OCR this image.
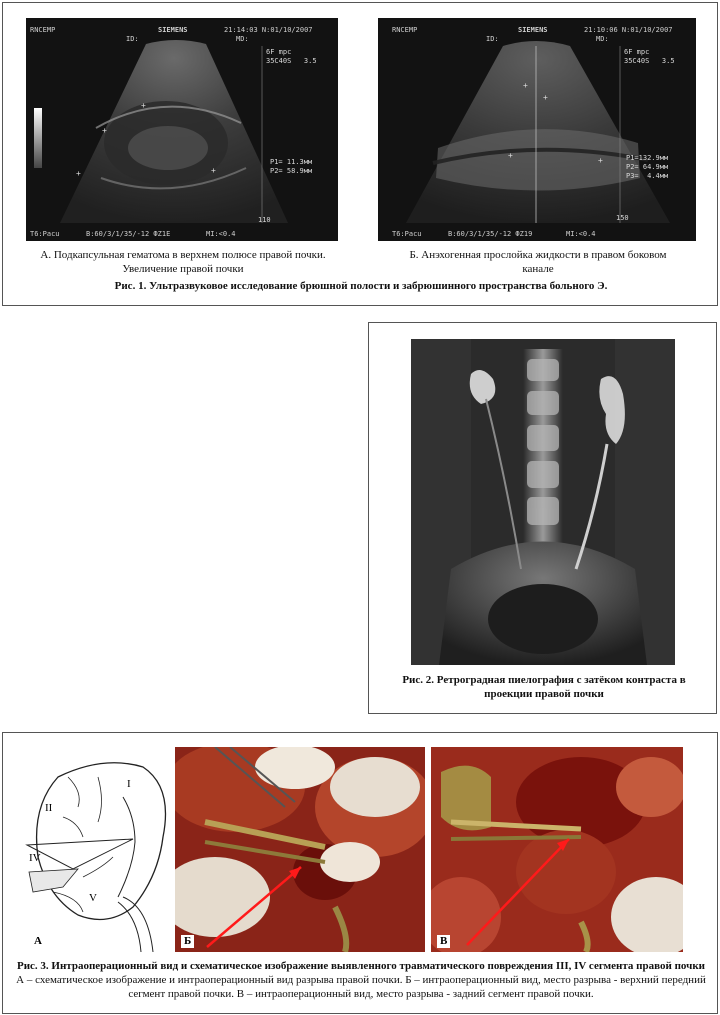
RNCEMP	SIEMENS	21:14:03 N:01/10/2007
ID:	MD:
+
+
+	+
6F mpc
35C40S   3.5
P1= 11.3мм
P2= 58.9мм
110
T6:Pacu	B:60/3/1/35/-12 ФZ1E	MI:<0.4
RNCEMP	SIEMENS	21:10:06 N:01/10/2007
ID:	MD:
+
+
+
+
6F mpc
35C40S   3.5
P1=132.9мм
P2= 64.9мм
P3=  4.4мм
150
T6:Pacu	B:60/3/1/35/-12 ФZ19	MI:<0.4
А. Подкапсульная гематома в верхнем полюсе правой почки. Увеличение правой почки
Б. Анэхогенная прослойка жидкости в правом боковом канале
Рис. 1. Ультразвуковое исследование брюшной полости и забрюшинного пространства больного Э.
Рис. 2. Ретроградная пиелография с затёком контраста в проекции правой почки
I
II
IV
V
А	Б	В
Рис. 3. Интраоперационный вид и схематическое изображение выявленного травматического повреждения III, IV сегмента правой почки
А – схематическое изображение и интраоперационный вид разрыва правой почки. Б – интраоперационный вид, место разрыва - верхний передний сегмент правой почки. В – интраоперационный вид, место разрыва - задний сегмент правой почки.
